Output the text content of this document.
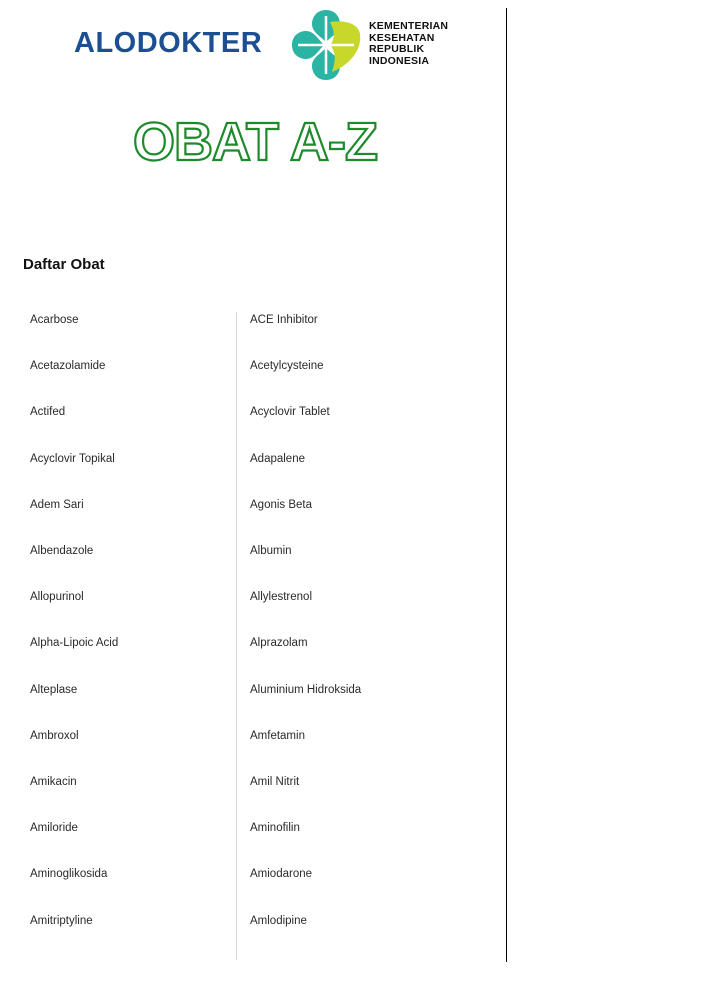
ALODOKTER
KEMENTERIAN
KESEHATAN
REPUBLIK
INDONESIA
OBAT A-Z
Daftar Obat
Acarbose	ACE Inhibitor
Acetazolamide	Acetylcysteine
Actifed	Acyclovir Tablet
Acyclovir Topikal	Adapalene
Adem Sari	Agonis Beta
Albendazole	Albumin
Allopurinol	Allylestrenol
Alpha-Lipoic Acid	Alprazolam
Alteplase	Aluminium Hidroksida
Ambroxol	Amfetamin
Amikacin	Amil Nitrit
Amiloride	Aminofilin
Aminoglikosida	Amiodarone
Amitriptyline	Amlodipine
